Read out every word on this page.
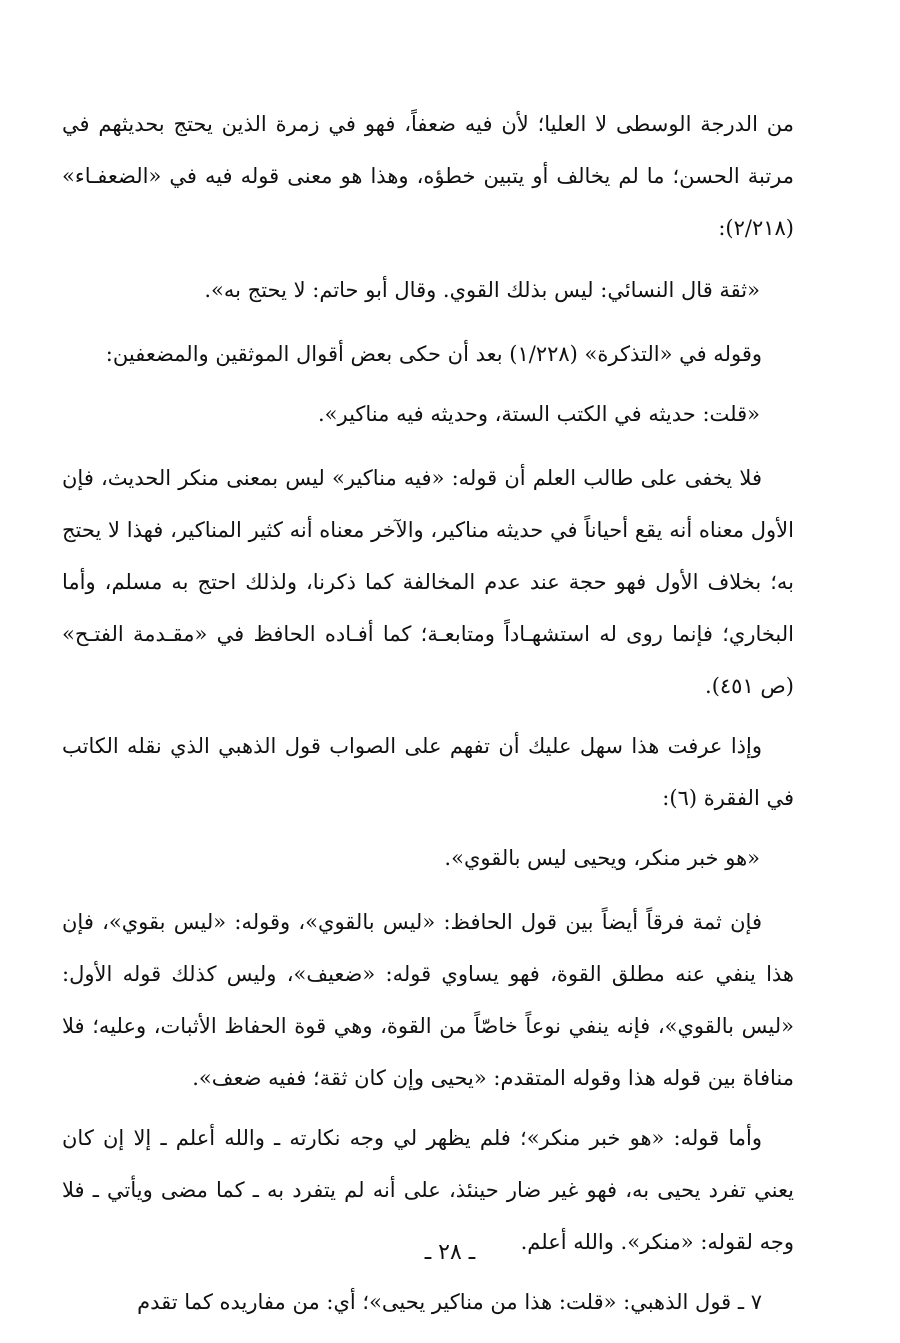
من الدرجة الوسطى لا العليا؛ لأن فيه ضعفاً، فهو في زمرة الذين يحتج بحديثهم في مرتبة الحسن؛ ما لم يخالف أو يتبين خطؤه، وهذا هو معنى قوله فيه في «الضعفـاء» (٢/٢١٨):

«ثقة قال النسائي: ليس بذلك القوي. وقال أبو حاتم: لا يحتج به».

وقوله في «التذكرة» (١/٢٢٨) بعد أن حكى بعض أقوال الموثقين والمضعفين:

«قلت: حديثه في الكتب الستة، وحديثه فيه مناكير».

فلا يخفى على طالب العلم أن قوله: «فيه مناكير» ليس بمعنى منكر الحديث، فإن الأول معناه أنه يقع أحياناً في حديثه مناكير، والآخر معناه أنه كثير المناكير، فهذا لا يحتج به؛ بخلاف الأول فهو حجة عند عدم المخالفة كما ذكرنا، ولذلك احتج به مسلم، وأما البخاري؛ فإنما روى له استشهـاداً ومتابعـة؛ كما أفـاده الحافظ في «مقـدمة الفتـح» (ص ٤٥١).

وإذا عرفت هذا سهل عليك أن تفهم على الصواب قول الذهبي الذي نقله الكاتب في الفقرة (٦):

«هو خبر منكر، ويحيى ليس بالقوي».

فإن ثمة فرقاً أيضاً بين قول الحافظ: «ليس بالقوي»، وقوله: «ليس بقوي»، فإن هذا ينفي عنه مطلق القوة، فهو يساوي قوله: «ضعيف»، وليس كذلك قوله الأول: «ليس بالقوي»، فإنه ينفي نوعاً خاصّاً من القوة، وهي قوة الحفاظ الأثبات، وعليه؛ فلا منافاة بين قوله هذا وقوله المتقدم: «يحيى وإن كان ثقة؛ ففيه ضعف».

وأما قوله: «هو خبر منكر»؛ فلم يظهر لي وجه نكارته ـ والله أعلم ـ إلا إن كان يعني تفرد يحيى به، فهو غير ضار حينئذ، على أنه لم يتفرد به ـ كما مضى ويأتي ـ فلا وجه لقوله: «منكر». والله أعلم.

٧ ـ قول الذهبي: «قلت: هذا من مناكير يحيى»؛ أي: من مفاريده كما تقدم

ـ ٢٨ ـ
